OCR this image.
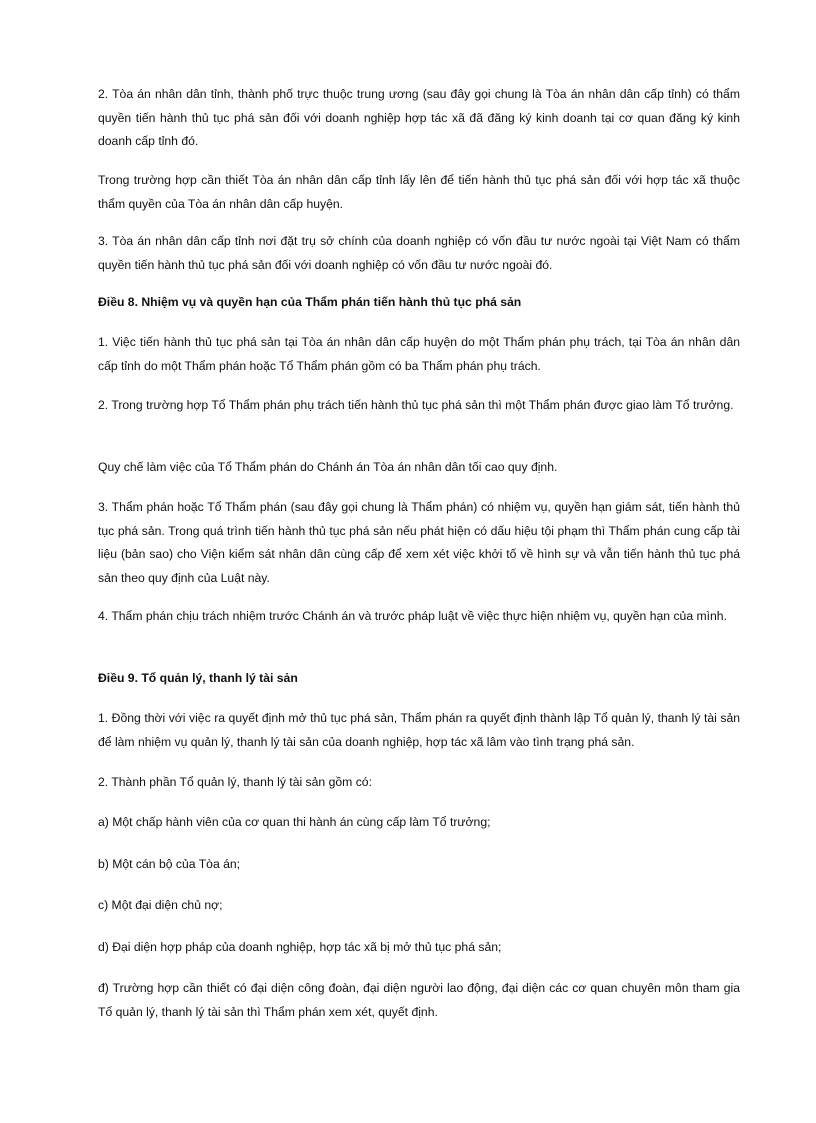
2. Tòa án nhân dân tỉnh, thành phố trực thuộc trung ương (sau đây gọi chung là Tòa án nhân dân cấp tỉnh) có thẩm quyền tiến hành thủ tục phá sản đối với doanh nghiệp hợp tác xã đã đăng ký kinh doanh tại cơ quan đăng ký kinh doanh cấp tỉnh đó.

Trong trường hợp cần thiết Tòa án nhân dân cấp tỉnh lấy lên để tiến hành thủ tục phá sản đối với hợp tác xã thuộc thẩm quyền của Tòa án nhân dân cấp huyện.

3. Tòa án nhân dân cấp tỉnh nơi đặt trụ sở chính của doanh nghiệp có vốn đầu tư nước ngoài tại Việt Nam có thẩm quyền tiến hành thủ tục phá sản đối với doanh nghiệp có vốn đầu tư nước ngoài đó.

Điều 8. Nhiệm vụ và quyền hạn của Thẩm phán tiến hành thủ tục phá sản

1. Việc tiến hành thủ tục phá sản tại Tòa án nhân dân cấp huyện do một Thẩm phán phụ trách, tại Tòa án nhân dân cấp tỉnh do một Thẩm phán hoặc Tổ Thẩm phán gồm có ba Thẩm phán phụ trách.

2. Trong trường hợp Tổ Thẩm phán phụ trách tiến hành thủ tục phá sản thì một Thẩm phán được giao làm Tổ trưởng.

Quy chế làm việc của Tổ Thẩm phán do Chánh án Tòa án nhân dân tối cao quy định.

3. Thẩm phán hoặc Tổ Thẩm phán (sau đây gọi chung là Thẩm phán) có nhiệm vụ, quyền hạn giám sát, tiến hành thủ tục phá sản. Trong quá trình tiến hành thủ tục phá sản nếu phát hiện có dấu hiệu tội phạm thì Thẩm phán cung cấp tài liệu (bản sao) cho Viện kiểm sát nhân dân cùng cấp để xem xét việc khởi tố về hình sự và vẫn tiến hành thủ tục phá sản theo quy định của Luật này.

4. Thẩm phán chịu trách nhiệm trước Chánh án và trước pháp luật về việc thực hiện nhiệm vụ, quyền hạn của mình.

Điều 9. Tổ quản lý, thanh lý tài sản

1. Đồng thời với việc ra quyết định mở thủ tục phá sản, Thẩm phán ra quyết định thành lập Tổ quản lý, thanh lý tài sản để làm nhiệm vụ quản lý, thanh lý tài sản của doanh nghiệp, hợp tác xã lâm vào tình trạng phá sản.

2. Thành phần Tổ quản lý, thanh lý tài sản gồm có:

a) Một chấp hành viên của cơ quan thi hành án cùng cấp làm Tổ trưởng;

b) Một cán bộ của Tòa án;

c) Một đại diện chủ nợ;

d) Đại diện hợp pháp của doanh nghiệp, hợp tác xã bị mở thủ tục phá sản;

đ) Trường hợp cần thiết có đại diện công đoàn, đại diện người lao động, đại diện các cơ quan chuyên môn tham gia Tổ quản lý, thanh lý tài sản thì Thẩm phán xem xét, quyết định.
